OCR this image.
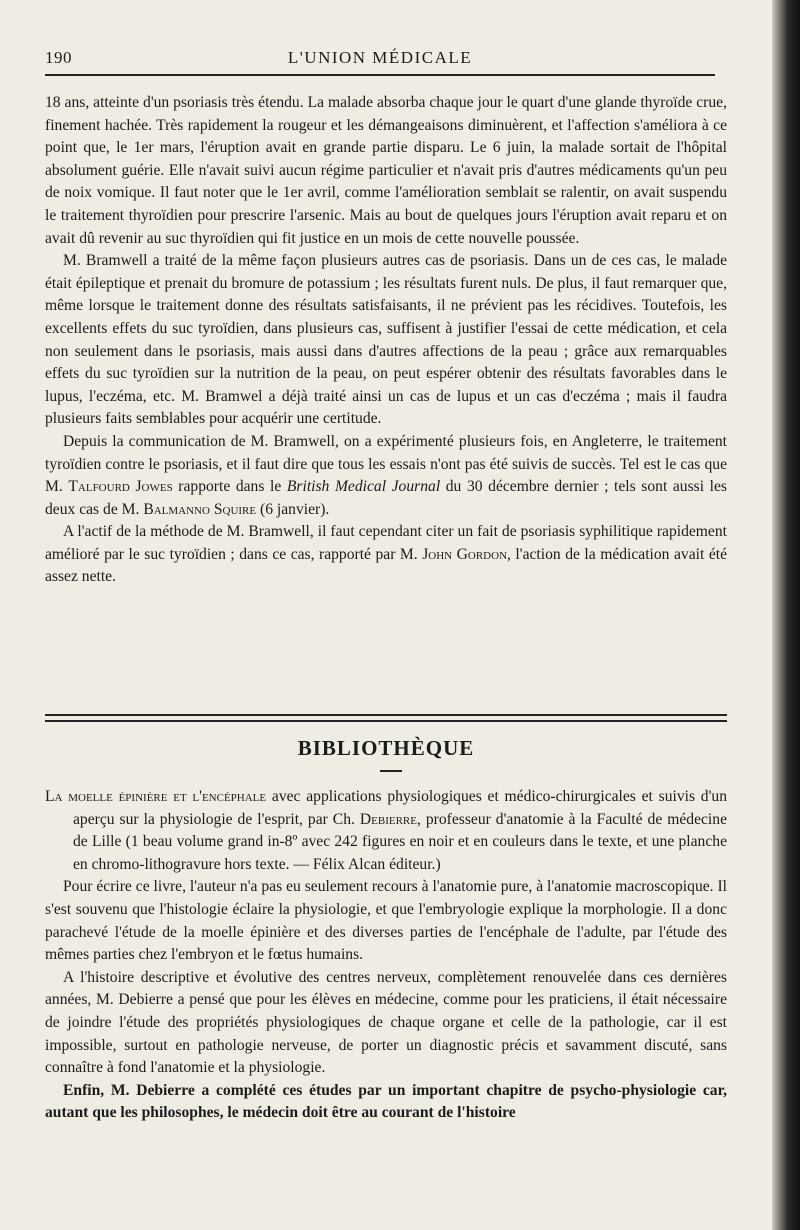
190	L'UNION MÉDICALE

18 ans, atteinte d'un psoriasis très étendu. La malade absorba chaque jour le quart d'une glande thyroïde crue, finement hachée. Très rapidement la rougeur et les démangeaisons diminuèrent, et l'affection s'améliora à ce point que, le 1er mars, l'éruption avait en grande partie disparu. Le 6 juin, la malade sortait de l'hôpital absolument guérie. Elle n'avait suivi aucun régime particulier et n'avait pris d'autres médicaments qu'un peu de noix vomique. Il faut noter que le 1er avril, comme l'amélioration semblait se ralentir, on avait suspendu le traitement thyroïdien pour prescrire l'arsenic. Mais au bout de quelques jours l'éruption avait reparu et on avait dû revenir au suc thyroïdien qui fit justice en un mois de cette nouvelle poussée.

M. Bramwell a traité de la même façon plusieurs autres cas de psoriasis. Dans un de ces cas, le malade était épileptique et prenait du bromure de potassium ; les résultats furent nuls. De plus, il faut remarquer que, même lorsque le traitement donne des résultats satisfaisants, il ne prévient pas les récidives. Toutefois, les excellents effets du suc tyroïdien, dans plusieurs cas, suffisent à justifier l'essai de cette médication, et cela non seulement dans le psoriasis, mais aussi dans d'autres affections de la peau ; grâce aux remarquables effets du suc tyroïdien sur la nutrition de la peau, on peut espérer obtenir des résultats favorables dans le lupus, l'eczéma, etc. M. Bramwel a déjà traité ainsi un cas de lupus et un cas d'eczéma ; mais il faudra plusieurs faits semblables pour acquérir une certitude.

Depuis la communication de M. Bramwell, on a expérimenté plusieurs fois, en Angleterre, le traitement tyroïdien contre le psoriasis, et il faut dire que tous les essais n'ont pas été suivis de succès. Tel est le cas que M. Talfourd Jowes rapporte dans le British Medical Journal du 30 décembre dernier ; tels sont aussi les deux cas de M. Balmanno Squire (6 janvier).

A l'actif de la méthode de M. Bramwell, il faut cependant citer un fait de psoriasis syphilitique rapidement amélioré par le suc tyroïdien ; dans ce cas, rapporté par M. John Gordon, l'action de la médication avait été assez nette.

BIBLIOTHÈQUE

La moelle épinière et l'encéphale avec applications physiologiques et médico-chirurgicales et suivis d'un aperçu sur la physiologie de l'esprit, par Ch. Debierre, professeur d'anatomie à la Faculté de médecine de Lille (1 beau volume grand in-8º avec 242 figures en noir et en couleurs dans le texte, et une planche en chromo-lithogravure hors texte. — Félix Alcan éditeur.)

Pour écrire ce livre, l'auteur n'a pas eu seulement recours à l'anatomie pure, à l'anatomie macroscopique. Il s'est souvenu que l'histologie éclaire la physiologie, et que l'embryologie explique la morphologie. Il a donc parachevé l'étude de la moelle épinière et des diverses parties de l'encéphale de l'adulte, par l'étude des mêmes parties chez l'embryon et le fœtus humains.

A l'histoire descriptive et évolutive des centres nerveux, complètement renouvelée dans ces dernières années, M. Debierre a pensé que pour les élèves en médecine, comme pour les praticiens, il était nécessaire de joindre l'étude des propriétés physiologiques de chaque organe et celle de la pathologie, car il est impossible, surtout en pathologie nerveuse, de porter un diagnostic précis et savamment discuté, sans connaître à fond l'anatomie et la physiologie.

Enfin, M. Debierre a complété ces études par un important chapitre de psycho-physiologie car, autant que les philosophes, le médecin doit être au courant de l'histoire
